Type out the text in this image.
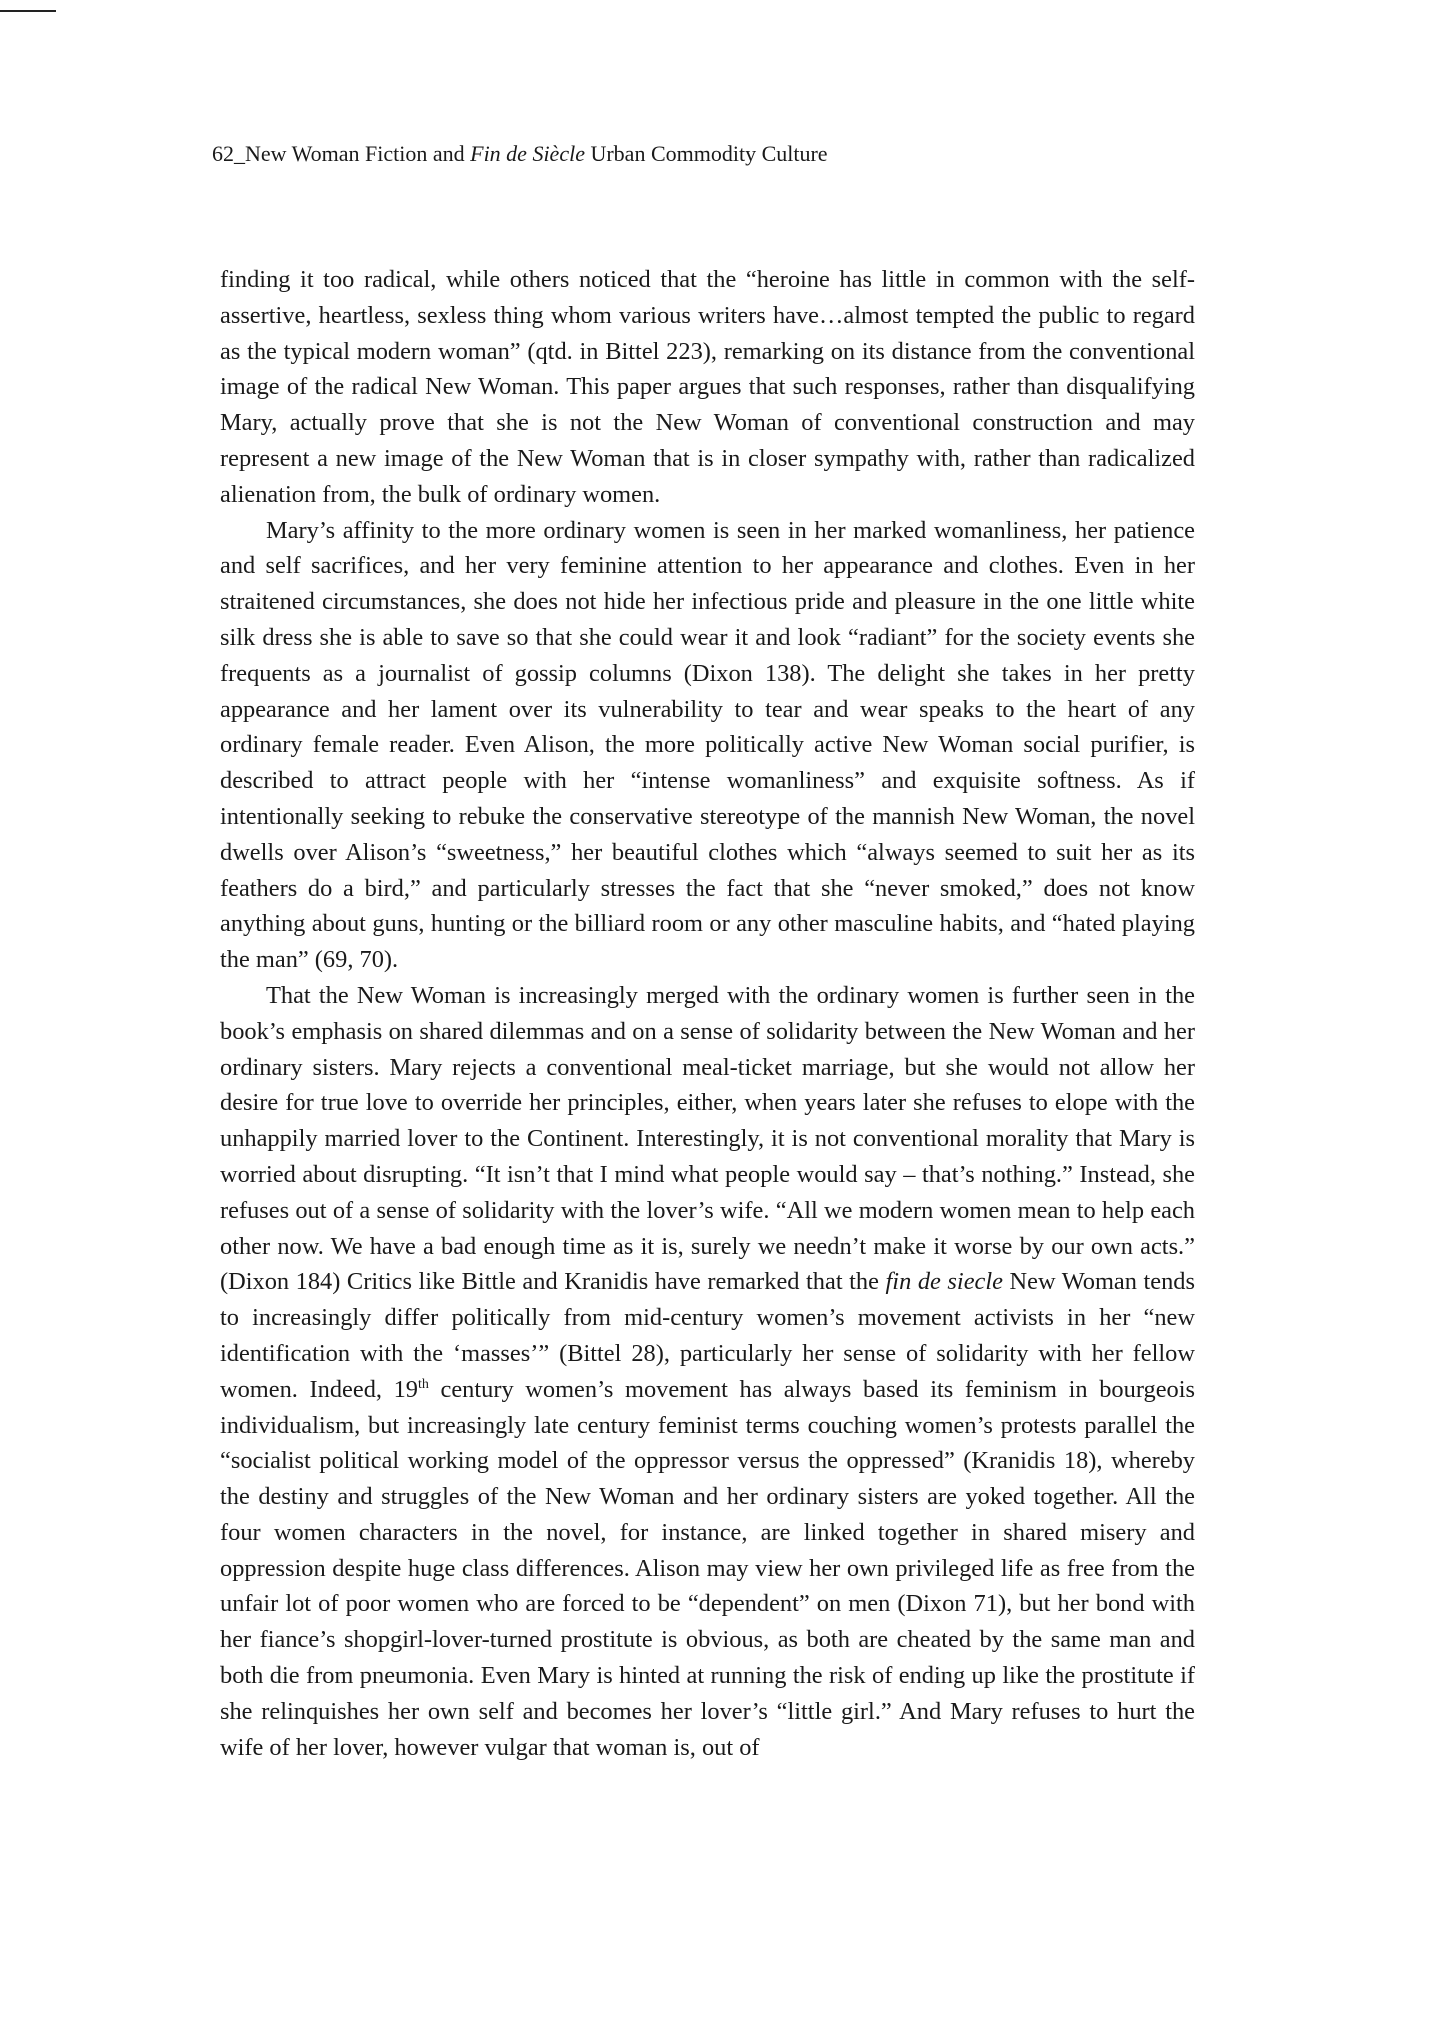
62_New Woman Fiction and Fin de Siècle Urban Commodity Culture

finding it too radical, while others noticed that the “heroine has little in common with the self-assertive, heartless, sexless thing whom various writers have…almost tempted the public to regard as the typical modern woman” (qtd. in Bittel 223), remarking on its distance from the conventional image of the radical New Woman. This paper argues that such responses, rather than disqualifying Mary, actually prove that she is not the New Woman of conventional construction and may represent a new image of the New Woman that is in closer sympathy with, rather than radicalized alienation from, the bulk of ordinary women.

Mary’s affinity to the more ordinary women is seen in her marked womanliness, her patience and self sacrifices, and her very feminine attention to her appearance and clothes. Even in her straitened circumstances, she does not hide her infectious pride and pleasure in the one little white silk dress she is able to save so that she could wear it and look “radiant” for the society events she frequents as a journalist of gossip columns (Dixon 138). The delight she takes in her pretty appearance and her lament over its vulnerability to tear and wear speaks to the heart of any ordinary female reader. Even Alison, the more politically active New Woman social purifier, is described to attract people with her “intense womanliness” and exquisite softness. As if intentionally seeking to rebuke the conservative stereotype of the mannish New Woman, the novel dwells over Alison’s “sweetness,” her beautiful clothes which “always seemed to suit her as its feathers do a bird,” and particularly stresses the fact that she “never smoked,” does not know anything about guns, hunting or the billiard room or any other masculine habits, and “hated playing the man” (69, 70).

That the New Woman is increasingly merged with the ordinary women is further seen in the book’s emphasis on shared dilemmas and on a sense of solidarity between the New Woman and her ordinary sisters. Mary rejects a conventional meal-ticket marriage, but she would not allow her desire for true love to override her principles, either, when years later she refuses to elope with the unhappily married lover to the Continent. Interestingly, it is not conventional morality that Mary is worried about disrupting. “It isn’t that I mind what people would say – that’s nothing.” Instead, she refuses out of a sense of solidarity with the lover’s wife. “All we modern women mean to help each other now. We have a bad enough time as it is, surely we needn’t make it worse by our own acts.” (Dixon 184) Critics like Bittle and Kranidis have remarked that the fin de siecle New Woman tends to increasingly differ politically from mid-century women’s movement activists in her “new identification with the ‘masses’” (Bittel 28), particularly her sense of solidarity with her fellow women. Indeed, 19th century women’s movement has always based its feminism in bourgeois individualism, but increasingly late century feminist terms couching women’s protests parallel the “socialist political working model of the oppressor versus the oppressed” (Kranidis 18), whereby the destiny and struggles of the New Woman and her ordinary sisters are yoked together. All the four women characters in the novel, for instance, are linked together in shared misery and oppression despite huge class differences. Alison may view her own privileged life as free from the unfair lot of poor women who are forced to be “dependent” on men (Dixon 71), but her bond with her fiance’s shopgirl-lover-turned prostitute is obvious, as both are cheated by the same man and both die from pneumonia. Even Mary is hinted at running the risk of ending up like the prostitute if she relinquishes her own self and becomes her lover’s “little girl.” And Mary refuses to hurt the wife of her lover, however vulgar that woman is, out of
